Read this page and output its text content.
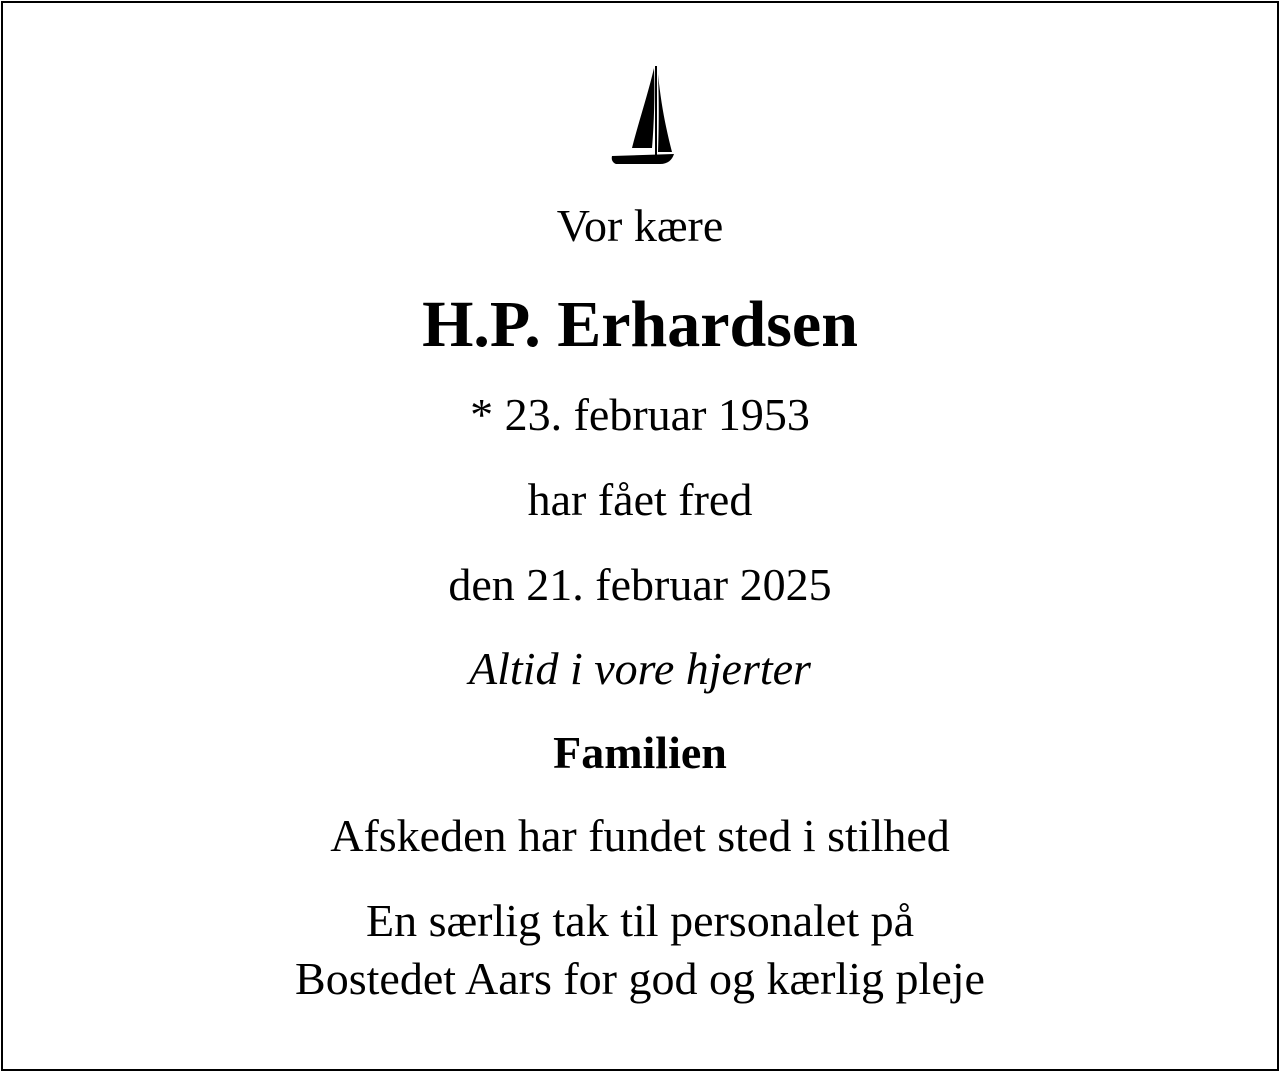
Vor kære
H.P. Erhardsen
* 23. februar 1953
har fået fred
den 21. februar 2025
Altid i vore hjerter
Familien
Afskeden har fundet sted i stilhed
En særlig tak til personalet på
Bostedet Aars for god og kærlig pleje
